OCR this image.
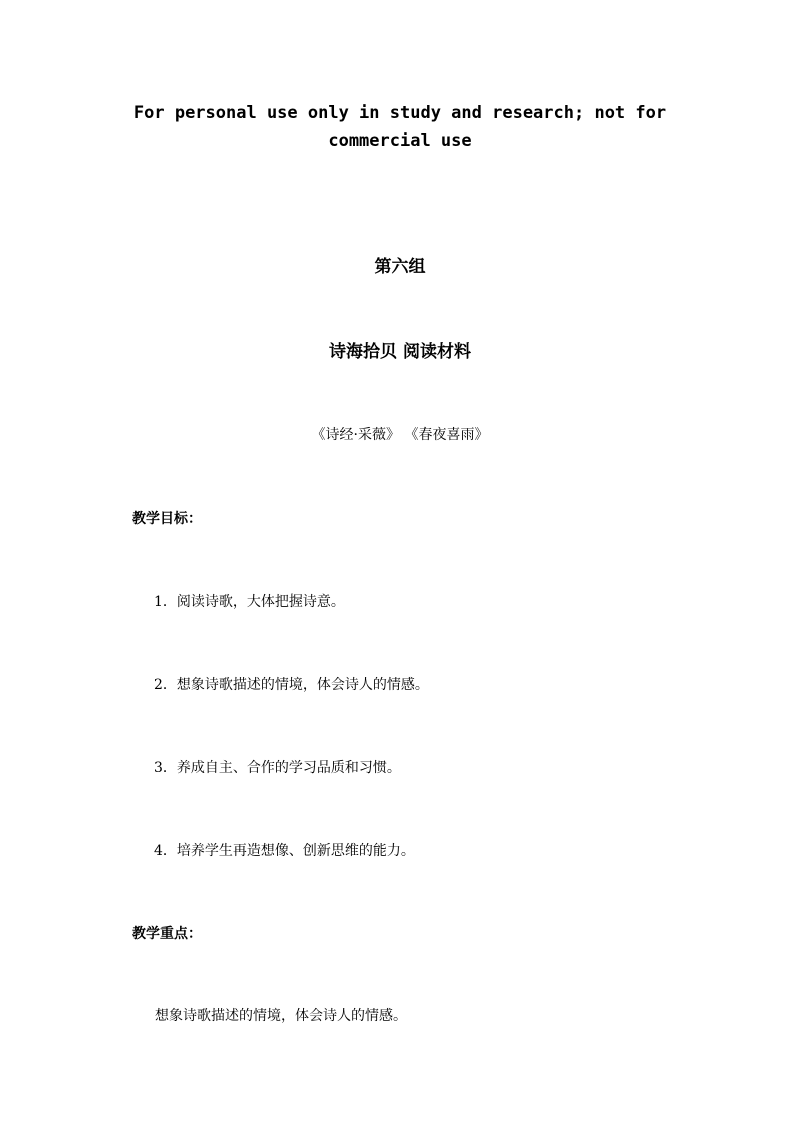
For personal use only in study and research; not for
commercial use
第六组
诗海拾贝 阅读材料
《诗经·采薇》 《春夜喜雨》
教学目标：
1．阅读诗歌，大体把握诗意。
2．想象诗歌描述的情境，体会诗人的情感。
3．养成自主、合作的学习品质和习惯。
4．培养学生再造想像、创新思维的能力。
教学重点：
想象诗歌描述的情境，体会诗人的情感。
